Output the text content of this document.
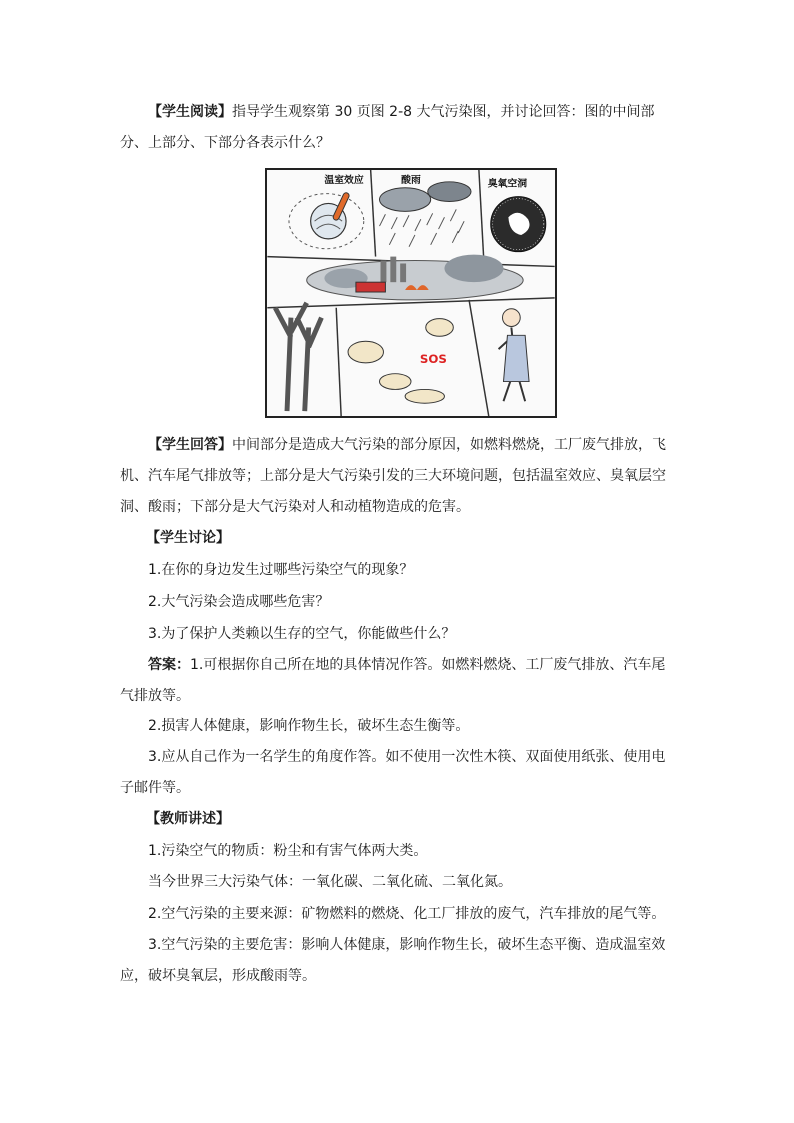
【学生阅读】指导学生观察第 30 页图 2-8 大气污染图，并讨论回答：图的中间部分、上部分、下部分各表示什么？

温室效应	酸雨	臭氧空洞
SOS

【学生回答】中间部分是造成大气污染的部分原因，如燃料燃烧，工厂废气排放，飞机、汽车尾气排放等；上部分是大气污染引发的三大环境问题，包括温室效应、臭氧层空洞、酸雨；下部分是大气污染对人和动植物造成的危害。

【学生讨论】

1.在你的身边发生过哪些污染空气的现象？

2.大气污染会造成哪些危害？

3.为了保护人类赖以生存的空气，你能做些什么？

答案：1.可根据你自己所在地的具体情况作答。如燃料燃烧、工厂废气排放、汽车尾气排放等。

2.损害人体健康，影响作物生长，破坏生态生衡等。

3.应从自己作为一名学生的角度作答。如不使用一次性木筷、双面使用纸张、使用电子邮件等。

【教师讲述】

1.污染空气的物质：粉尘和有害气体两大类。

当今世界三大污染气体：一氧化碳、二氧化硫、二氧化氮。

2.空气污染的主要来源：矿物燃料的燃烧、化工厂排放的废气，汽车排放的尾气等。

3.空气污染的主要危害：影响人体健康，影响作物生长，破坏生态平衡、造成温室效应，破坏臭氧层，形成酸雨等。
